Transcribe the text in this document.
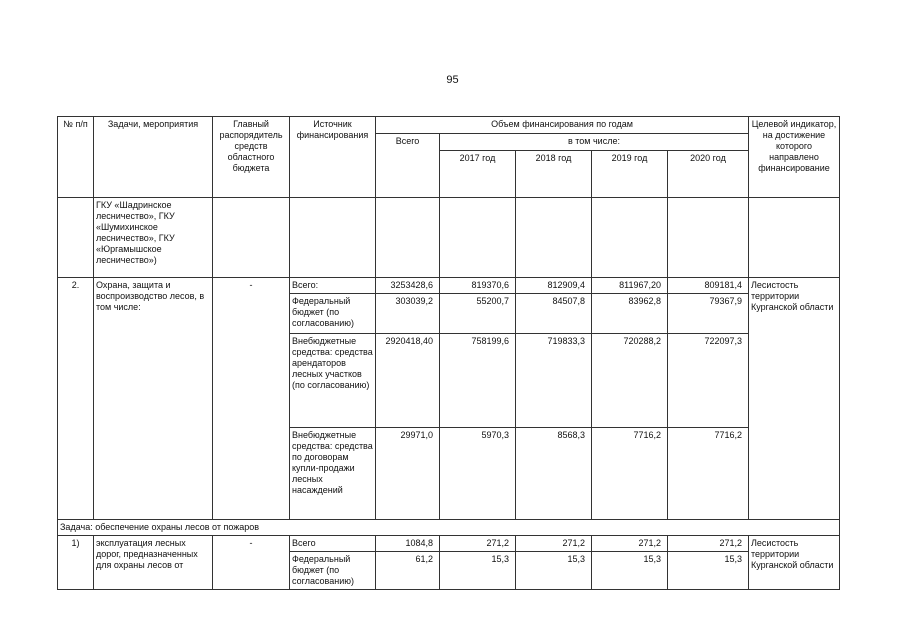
95
№ п/п	Задачи, мероприятия	Главный распорядитель средств областного бюджета	Источник финансирования	Объем финансирования по годам					Целевой индикатор, на достижение которого направлено финансирование
				Всего	в том числе:				
					2017 год	2018 год	2019 год	2020 год	
	ГКУ «Шадринское лесничество», ГКУ «Шумихинское лесничество», ГКУ «Юргамышское лесничество»)								
2.	Охрана, защита и воспроизводство лесов, в том числе:	-	Всего:	3253428,6	819370,6	812909,4	811967,20	809181,4	Лесистость территории Курганской области
			Федеральный бюджет (по согласованию)	303039,2	55200,7	84507,8	83962,8	79367,9	
			Внебюджетные средства: средства арендаторов лесных участков (по согласованию)	2920418,40	758199,6	719833,3	720288,2	722097,3	
			Внебюджетные средства: средства по договорам купли-продажи лесных насаждений	29971,0	5970,3	8568,3	7716,2	7716,2	
Задача: обеспечение охраны лесов от пожаров									
1)	эксплуатация лесных дорог, предназначенных для охраны лесов от	-	Всего	1084,8	271,2	271,2	271,2	271,2	Лесистость территории Курганской области
			Федеральный бюджет (по согласованию)	61,2	15,3	15,3	15,3	15,3	
